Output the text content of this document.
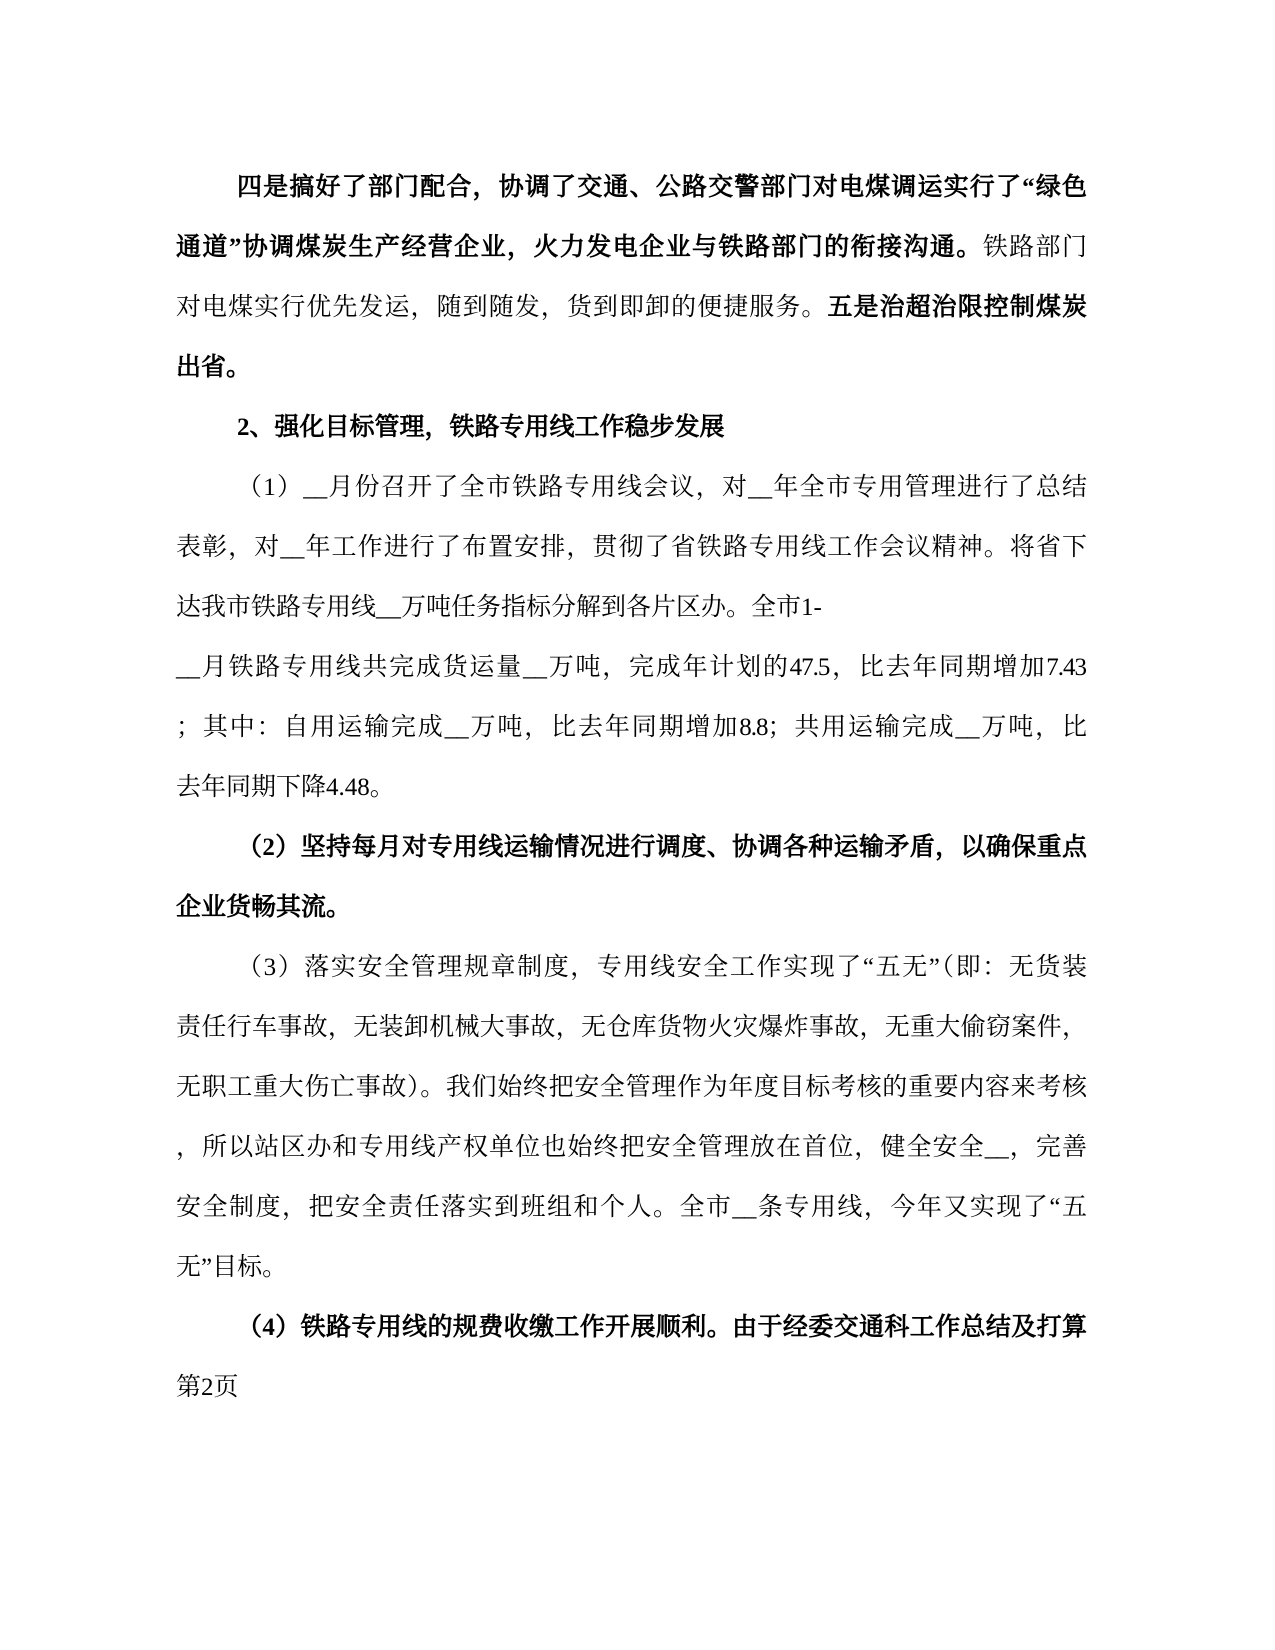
四是搞好了部门配合，协调了交通、公路交警部门对电煤调运实行了“绿色
通道”协调煤炭生产经营企业，火力发电企业与铁路部门的衔接沟通。铁路部门
对电煤实行优先发运，随到随发，货到即卸的便捷服务。五是治超治限控制煤炭
出省。
2、强化目标管理，铁路专用线工作稳步发展
（1）__月份召开了全市铁路专用线会议，对__年全市专用管理进行了总结
表彰，对__年工作进行了布置安排，贯彻了省铁路专用线工作会议精神。将省下
达我市铁路专用线__万吨任务指标分解到各片区办。全市1-
__月铁路专用线共完成货运量__万吨，完成年计划的47.5，比去年同期增加7.43
；其中：自用运输完成__万吨，比去年同期增加8.8；共用运输完成__万吨，比
去年同期下降4.48。
（2）坚持每月对专用线运输情况进行调度、协调各种运输矛盾，以确保重点
企业货畅其流。
（3）落实安全管理规章制度，专用线安全工作实现了“五无”（即：无货装
责任行车事故，无装卸机械大事故，无仓库货物火灾爆炸事故，无重大偷窃案件，
无职工重大伤亡事故）。我们始终把安全管理作为年度目标考核的重要内容来考核
，所以站区办和专用线产权单位也始终把安全管理放在首位，健全安全__，完善
安全制度，把安全责任落实到班组和个人。全市__条专用线，今年又实现了“五
无”目标。
（4）铁路专用线的规费收缴工作开展顺利。由于经委交通科工作总结及打算
第2页
